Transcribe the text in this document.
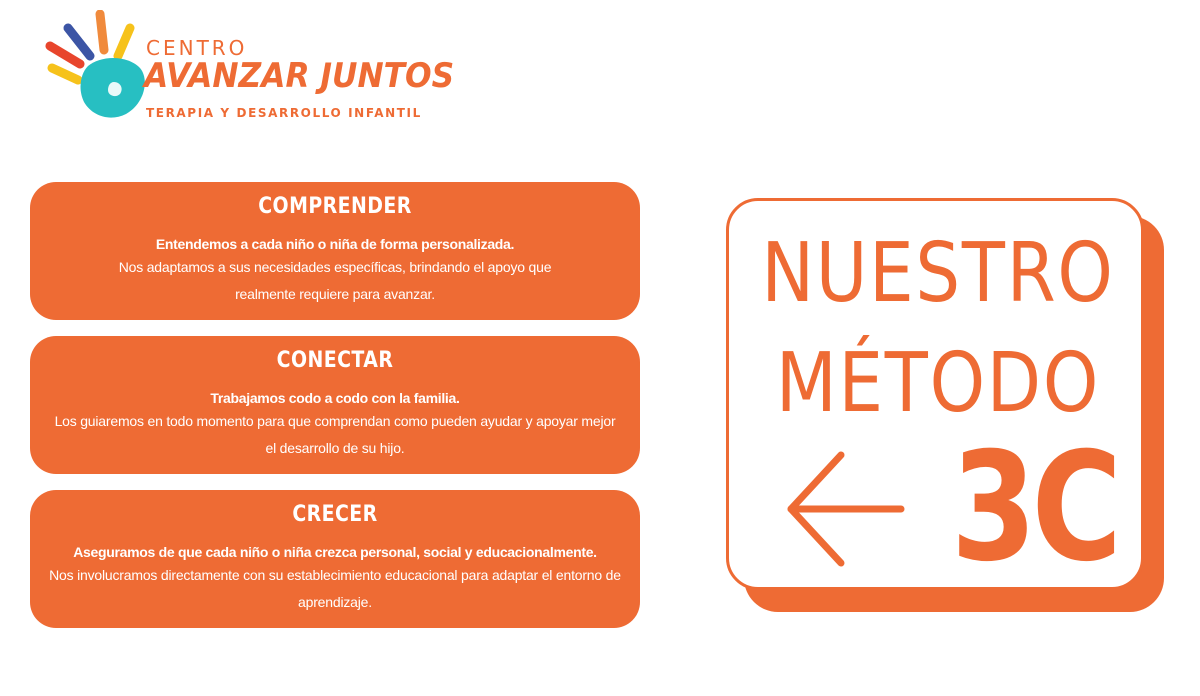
CENTRO
AVANZAR JUNTOS
TERAPIA Y DESARROLLO INFANTIL
COMPRENDER
Entendemos a cada niño o niña de forma personalizada.
Nos adaptamos a sus necesidades específicas, brindando el apoyo que realmente requiere para avanzar.
CONECTAR
Trabajamos codo a codo con la familia.
Los guiaremos en todo momento para que comprendan como pueden ayudar y apoyar mejor el desarrollo de su hijo.
CRECER
Aseguramos de que cada niño o niña crezca personal, social y educacionalmente.
Nos involucramos directamente con su establecimiento educacional para adaptar el entorno de aprendizaje.
NUESTRO
MÉTODO
3C
